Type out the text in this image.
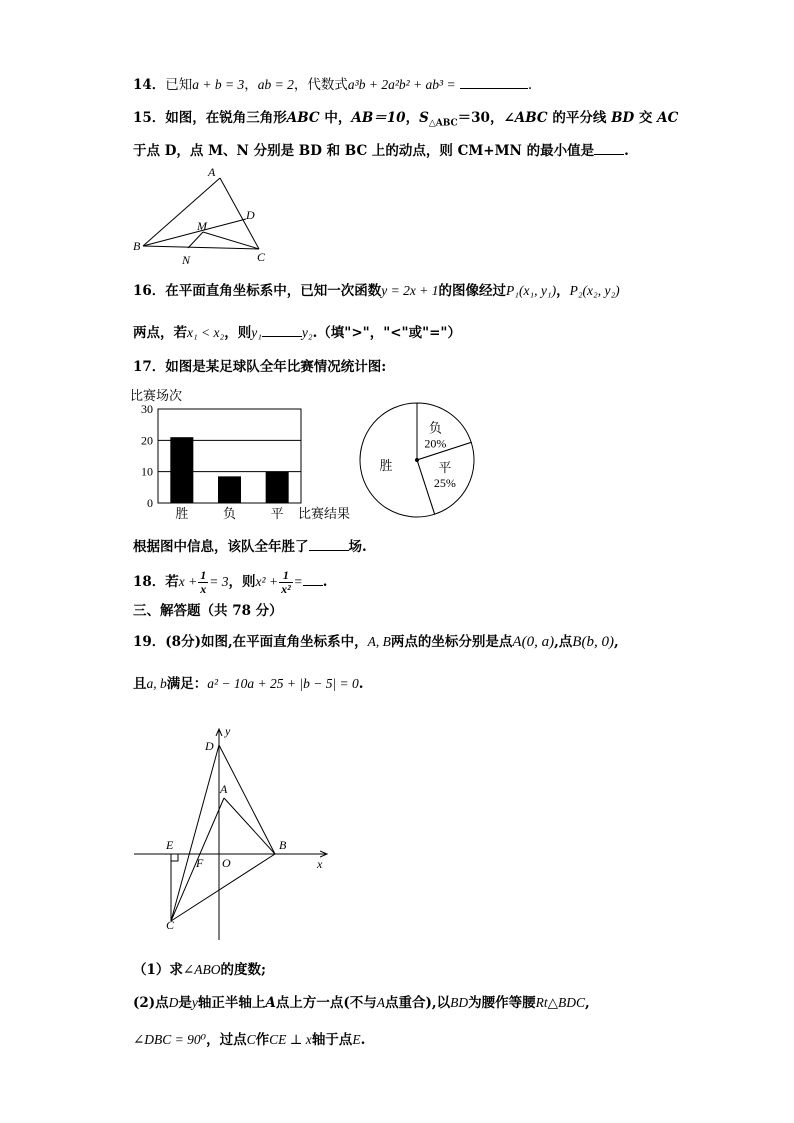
14．已知a + b = 3，ab = 2，代数式a³b + 2a²b² + ab³ =	.
15．如图，在锐角三角形ABC 中，AB＝10，$S_{\triangle ABC}=30$，∠ABC 的平分线 BD 交 AC
于点 D，点 M、N 分别是 BD 和 BC 上的动点，则 CM+MN 的最小值是 .
A
B
C
D
M
N
16．在平面直角坐标系中，已知一次函数y = 2x + 1的图像经过P₁(x₁, y₁)，P₂(x₂, y₂)
两点，若x₁ < x₂，则y₁	y₂.（填">"，"<"或"="）
17．如图是某足球队全年比赛情况统计图:
比赛场次
0
10
20
30
胜	负	平 比赛结果
负
20%
平
25%
胜
根据图中信息，该队全年胜了	场.
18．若$x + \frac{1}{x} = 3$，则$x^2 + \frac{1}{\text{x²}}$ = .
三、解答题（共 78 分）
19．(8分)如图,在平面直角坐标系中，A, B两点的坐标分别是点A(0, a),点B(b, 0),
且a, b满足：a² − 10a + 25 + |b − 5| = 0.
y
x
D
A
E
F O
B
C
（1）求∠ABO的度数;
(2)点D是y轴正半轴上A点上方一点(不与A点重合),以BD为腰作等腰Rt△BDC,
∠DBC = 90⁰，过点C作CE ⊥ x轴于点E.
